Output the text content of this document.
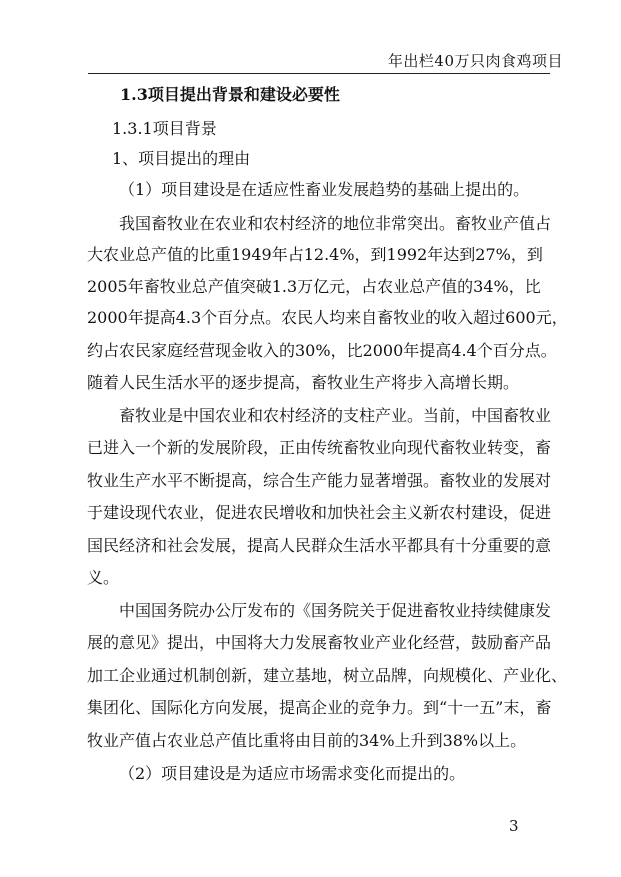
年出栏40万只肉食鸡项目
1.3项目提出背景和建设必要性
1.3.1项目背景
1、项目提出的理由
（1）项目建设是在适应性畜业发展趋势的基础上提出的。
我国畜牧业在农业和农村经济的地位非常突出。畜牧业产值占
大农业总产值的比重1949年占12.4%，到1992年达到27%，到
2005年畜牧业总产值突破1.3万亿元，占农业总产值的34%，比
2000年提高4.3个百分点。农民人均来自畜牧业的收入超过600元，
约占农民家庭经营现金收入的30%，比2000年提高4.4个百分点。
随着人民生活水平的逐步提高，畜牧业生产将步入高增长期。
畜牧业是中国农业和农村经济的支柱产业。当前，中国畜牧业
已进入一个新的发展阶段，正由传统畜牧业向现代畜牧业转变，畜
牧业生产水平不断提高，综合生产能力显著增强。畜牧业的发展对
于建设现代农业，促进农民增收和加快社会主义新农村建设，促进
国民经济和社会发展，提高人民群众生活水平都具有十分重要的意
义。
中国国务院办公厅发布的《国务院关于促进畜牧业持续健康发
展的意见》提出，中国将大力发展畜牧业产业化经营，鼓励畜产品
加工企业通过机制创新，建立基地，树立品牌，向规模化、产业化、
集团化、国际化方向发展，提高企业的竞争力。到“十一五”末，畜
牧业产值占农业总产值比重将由目前的34%上升到38%以上。
（2）项目建设是为适应市场需求变化而提出的。
3
